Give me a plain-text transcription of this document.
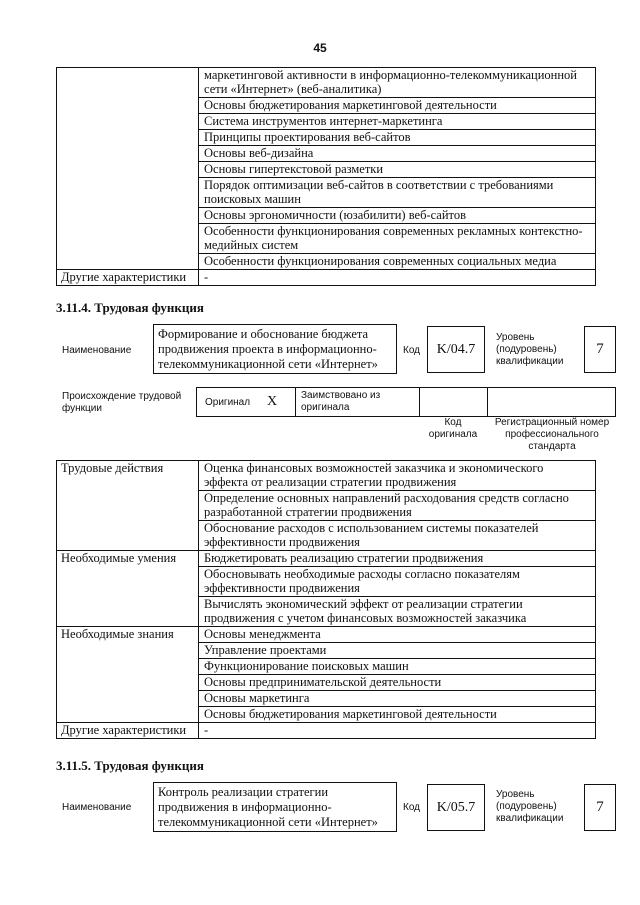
45
	маркетинговой активности в информационно-телекоммуникационной сети «Интернет» (веб-аналитика)
	Основы бюджетирования маркетинговой деятельности
	Система инструментов интернет-маркетинга
	Принципы проектирования веб-сайтов
	Основы веб-дизайна
	Основы гипертекстовой разметки
	Порядок оптимизации веб-сайтов в соответствии с требованиями поисковых машин
	Основы эргономичности (юзабилити) веб-сайтов
	Особенности функционирования современных рекламных контекстно-медийных систем
	Особенности функционирования современных социальных медиа
Другие характеристики	-
3.11.4. Трудовая функция
Наименование
Формирование и обоснование бюджета продвижения проекта в информационно-телекоммуникационной сети «Интернет»
Код	K/04.7
Уровень (подуровень) квалификации
7
Происхождение трудовой функции
Оригинал X Заимствовано из оригинала
Код оригинала
Регистрационный номер профессионального стандарта
Трудовые действия	Оценка финансовых возможностей заказчика и экономического эффекта от реализации стратегии продвижения
	Определение основных направлений расходования средств согласно разработанной стратегии продвижения
	Обоснование расходов с использованием системы показателей эффективности продвижения
Необходимые умения	Бюджетировать реализацию стратегии продвижения
	Обосновывать необходимые расходы согласно показателям эффективности продвижения
	Вычислять экономический эффект от реализации стратегии продвижения с учетом финансовых возможностей заказчика
Необходимые знания	Основы менеджмента
	Управление проектами
	Функционирование поисковых машин
	Основы предпринимательской деятельности
	Основы маркетинга
	Основы бюджетирования маркетинговой деятельности
Другие характеристики	-
3.11.5. Трудовая функция
Наименование
Контроль реализации стратегии продвижения в информационно-телекоммуникационной сети «Интернет»
Код	K/05.7
Уровень (подуровень) квалификации
7
